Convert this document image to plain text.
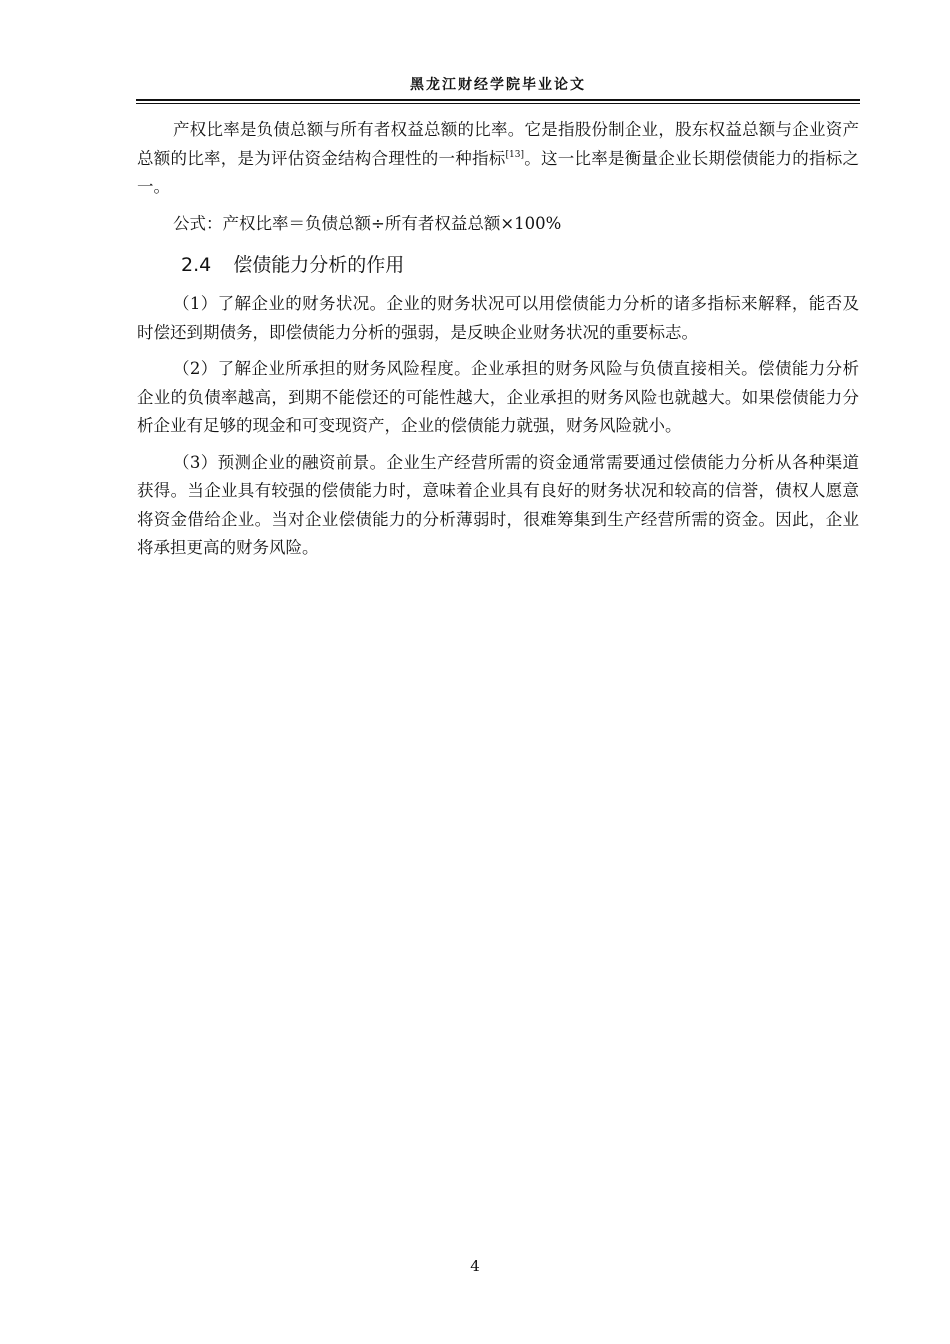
黑龙江财经学院毕业论文

产权比率是负债总额与所有者权益总额的比率。它是指股份制企业，股东权益总额与企业资产总额的比率，是为评估资金结构合理性的一种指标[13]。这一比率是衡量企业长期偿债能力的指标之一。

公式：产权比率＝负债总额÷所有者权益总额×100%

2.4 偿债能力分析的作用

（1）了解企业的财务状况。企业的财务状况可以用偿债能力分析的诸多指标来解释，能否及时偿还到期债务，即偿债能力分析的强弱，是反映企业财务状况的重要标志。

（2）了解企业所承担的财务风险程度。企业承担的财务风险与负债直接相关。偿债能力分析企业的负债率越高，到期不能偿还的可能性越大，企业承担的财务风险也就越大。如果偿债能力分析企业有足够的现金和可变现资产，企业的偿债能力就强，财务风险就小。

（3）预测企业的融资前景。企业生产经营所需的资金通常需要通过偿债能力分析从各种渠道获得。当企业具有较强的偿债能力时，意味着企业具有良好的财务状况和较高的信誉，债权人愿意将资金借给企业。当对企业偿债能力的分析薄弱时，很难筹集到生产经营所需的资金。因此，企业将承担更高的财务风险。

4
